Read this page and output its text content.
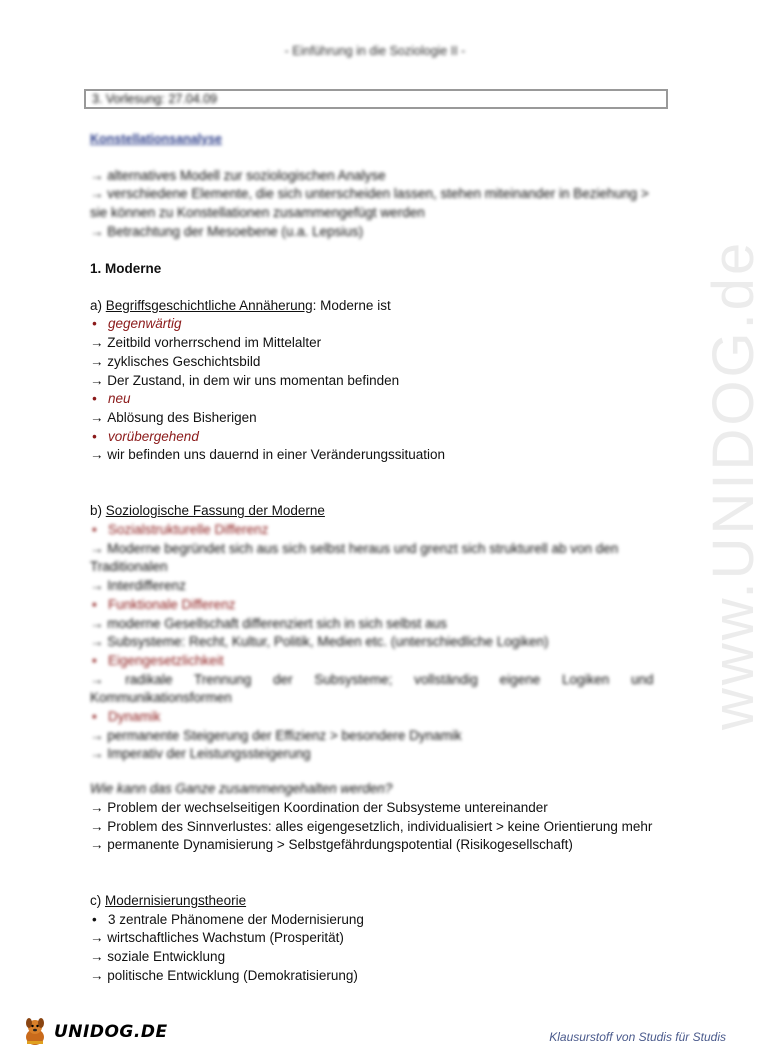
- Einführung in die Soziologie II -
3. Vorlesung: 27.04.09
Konstellationsanalyse
→ alternatives Modell zur soziologischen Analyse
→ verschiedene Elemente, die sich unterscheiden lassen, stehen miteinander in Beziehung >
sie können zu Konstellationen zusammengefügt werden
→ Betrachtung der Mesoebene (u.a. Lepsius)
1. Moderne
a) Begriffsgeschichtliche Annäherung: Moderne ist
• gegenwärtig
→ Zeitbild vorherrschend im Mittelalter
→ zyklisches Geschichtsbild
→ Der Zustand, in dem wir uns momentan befinden
• neu
→ Ablösung des Bisherigen
• vorübergehend
→ wir befinden uns dauernd in einer Veränderungssituation
b) Soziologische Fassung der Moderne
• Sozialstrukturelle Differenz
→ Moderne begründet sich aus sich selbst heraus und grenzt sich strukturell ab von den
Traditionalen
→ Interdifferenz
• Funktionale Differenz
→ moderne Gesellschaft differenziert sich in sich selbst aus
→ Subsysteme: Recht, Kultur, Politik, Medien etc. (unterschiedliche Logiken)
• Eigengesetzlichkeit
→ radikale Trennung der Subsysteme; vollständig eigene Logiken und
Kommunikationsformen
• Dynamik
→ permanente Steigerung der Effizienz > besondere Dynamik
→ Imperativ der Leistungssteigerung
Wie kann das Ganze zusammengehalten werden?
→ Problem der wechselseitigen Koordination der Subsysteme untereinander
→ Problem des Sinnverlustes: alles eigengesetzlich, individualisiert > keine Orientierung mehr
→ permanente Dynamisierung > Selbstgefährdungspotential (Risikogesellschaft)
c) Modernisierungstheorie
• 3 zentrale Phänomene der Modernisierung
→ wirtschaftliches Wachstum (Prosperität)
→ soziale Entwicklung
→ politische Entwicklung (Demokratisierung)
www.UNIDOG.de
UNIDOG.DE	Klausurstoff von Studis für Studis
